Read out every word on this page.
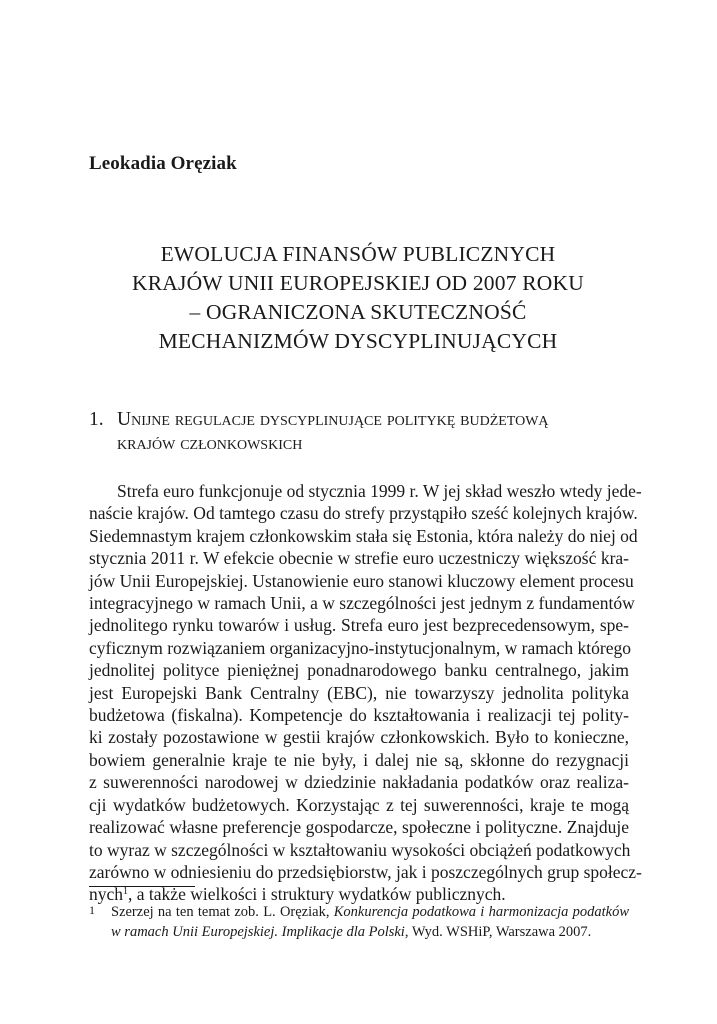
Leokadia Oręziak
EWOLUCJA FINANSÓW PUBLICZNYCH
KRAJÓW UNII EUROPEJSKIEJ OD 2007 ROKU
– OGRANICZONA SKUTECZNOŚĆ
MECHANIZMÓW DYSCYPLINUJĄCYCH
1. Unijne regulacje dyscyplinujące politykę budżetową
krajów członkowskich
Strefa euro funkcjonuje od stycznia 1999 r. W jej skład weszło wtedy jede-
naście krajów. Od tamtego czasu do strefy przystąpiło sześć kolejnych krajów.
Siedemnastym krajem członkowskim stała się Estonia, która należy do niej od
stycznia 2011 r. W efekcie obecnie w strefie euro uczestniczy większość kra-
jów Unii Europejskiej. Ustanowienie euro stanowi kluczowy element procesu
integracyjnego w ramach Unii, a w szczególności jest jednym z fundamentów
jednolitego rynku towarów i usług. Strefa euro jest bezprecedensowym, spe-
cyficznym rozwiązaniem organizacyjno-instytucjonalnym, w ramach którego
jednolitej polityce pieniężnej ponadnarodowego banku centralnego, jakim
jest Europejski Bank Centralny (EBC), nie towarzyszy jednolita polityka
budżetowa (fiskalna). Kompetencje do kształtowania i realizacji tej polity-
ki zostały pozostawione w gestii krajów członkowskich. Było to konieczne,
bowiem generalnie kraje te nie były, i dalej nie są, skłonne do rezygnacji
z suwerenności narodowej w dziedzinie nakładania podatków oraz realiza-
cji wydatków budżetowych. Korzystając z tej suwerenności, kraje te mogą
realizować własne preferencje gospodarcze, społeczne i polityczne. Znajduje
to wyraz w szczególności w kształtowaniu wysokości obciążeń podatkowych
zarówno w odniesieniu do przedsiębiorstw, jak i poszczególnych grup społecz-
nych$^1$, a także wielkości i struktury wydatków publicznych.
1 Szerzej na ten temat zob. L. Oręziak, Konkurencja podatkowa i harmonizacja podatków
w ramach Unii Europejskiej. Implikacje dla Polski, Wyd. WSHiP, Warszawa 2007.
